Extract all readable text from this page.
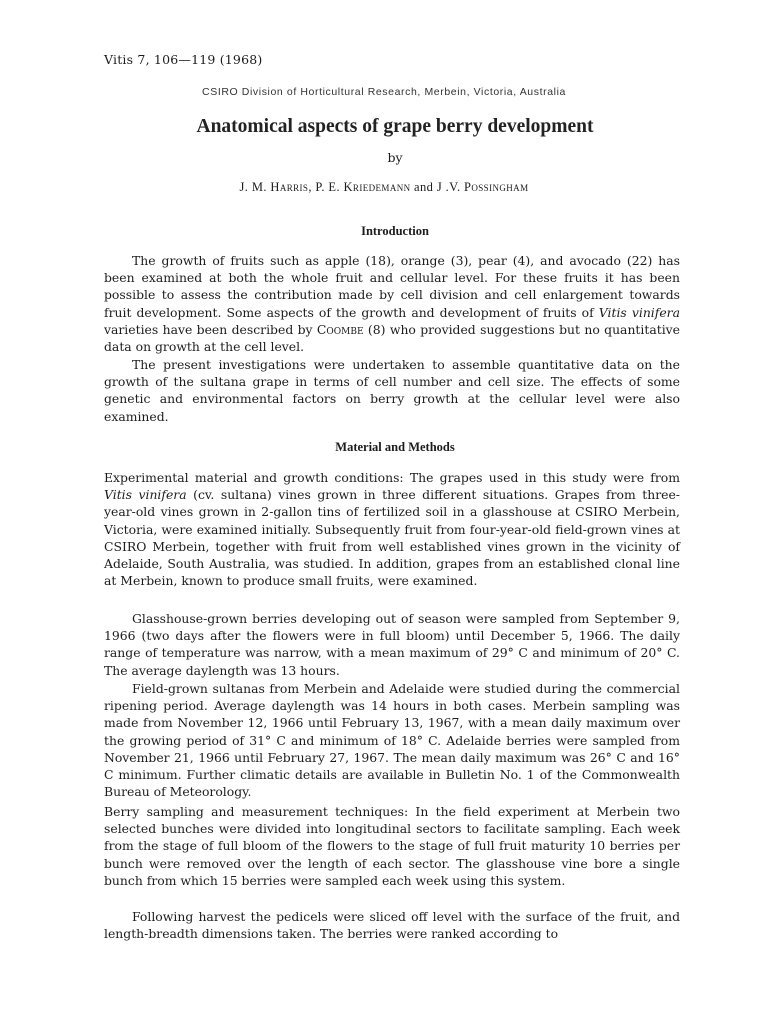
Vitis 7, 106—119 (1968)
CSIRO Division of Horticultural Research, Merbein, Victoria, Australia
Anatomical aspects of grape berry development
by
J. M. Harris, P. E. Kriedemann and J .V. Possingham
Introduction

The growth of fruits such as apple (18), orange (3), pear (4), and avocado (22) has been examined at both the whole fruit and cellular level. For these fruits it has been possible to assess the contribution made by cell division and cell enlargement towards fruit development. Some aspects of the growth and development of fruits of Vitis vinifera varieties have been described by Coombe (8) who provided suggestions but no quantitative data on growth at the cell level.

The present investigations were undertaken to assemble quantitative data on the growth of the sultana grape in terms of cell number and cell size. The effects of some genetic and environmental factors on berry growth at the cellular level were also examined.

Material and Methods

Experimental material and growth conditions: The grapes used in this study were from Vitis vinifera (cv. sultana) vines grown in three different situations. Grapes from three-year-old vines grown in 2-gallon tins of fertilized soil in a glasshouse at CSIRO Merbein, Victoria, were examined initially. Subsequently fruit from four-year-old field-grown vines at CSIRO Merbein, together with fruit from well established vines grown in the vicinity of Adelaide, South Australia, was studied. In addition, grapes from an established clonal line at Merbein, known to produce small fruits, were examined.

Glasshouse-grown berries developing out of season were sampled from September 9, 1966 (two days after the flowers were in full bloom) until December 5, 1966. The daily range of temperature was narrow, with a mean maximum of 29° C and minimum of 20° C. The average daylength was 13 hours.

Field-grown sultanas from Merbein and Adelaide were studied during the commercial ripening period. Average daylength was 14 hours in both cases. Merbein sampling was made from November 12, 1966 until February 13, 1967, with a mean daily maximum over the growing period of 31° C and minimum of 18° C. Adelaide berries were sampled from November 21, 1966 until February 27, 1967. The mean daily maximum was 26° C and 16° C minimum. Further climatic details are available in Bulletin No. 1 of the Commonwealth Bureau of Meteorology.

Berry sampling and measurement techniques: In the field experiment at Merbein two selected bunches were divided into longitudinal sectors to facilitate sampling. Each week from the stage of full bloom of the flowers to the stage of full fruit maturity 10 berries per bunch were removed over the length of each sector. The glasshouse vine bore a single bunch from which 15 berries were sampled each week using this system.

Following harvest the pedicels were sliced off level with the surface of the fruit, and length-breadth dimensions taken. The berries were ranked according to
